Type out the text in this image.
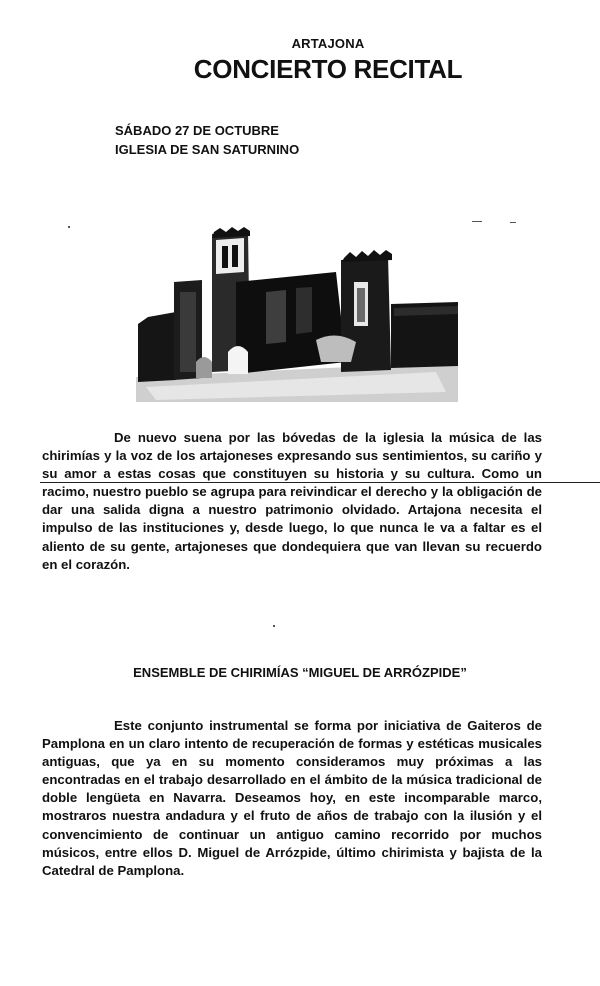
ARTAJONA
CONCIERTO RECITAL
SÁBADO 27 DE OCTUBRE
IGLESIA DE SAN SATURNINO

De nuevo suena por las bóvedas de la iglesia la música de las chirimías y la voz de los artajoneses expresando sus sentimientos, su cariño y su amor a estas cosas que constituyen su historia y su cultura. Como un racimo, nuestro pueblo se agrupa para reivindicar el derecho y la obligación de dar una salida digna a nuestro patrimonio olvidado. Artajona necesita el impulso de las instituciones y, desde luego, lo que nunca le va a faltar es el aliento de su gente, artajoneses que dondequiera que van llevan su recuerdo en el corazón.

ENSEMBLE DE CHIRIMÍAS “MIGUEL DE ARRÓZPIDE”

Este conjunto instrumental se forma por iniciativa de Gaiteros de Pamplona en un claro intento de recuperación de formas y estéticas musicales antiguas, que ya en su momento consideramos muy próximas a las encontradas en el trabajo desarrollado en el ámbito de la música tradicional de doble lengüeta en Navarra. Deseamos hoy, en este incomparable marco, mostraros nuestra andadura y el fruto de años de trabajo con la ilusión y el convencimiento de continuar un antiguo camino recorrido por muchos músicos, entre ellos D. Miguel de Arrózpide, último chirimista y bajista de la Catedral de Pamplona.
